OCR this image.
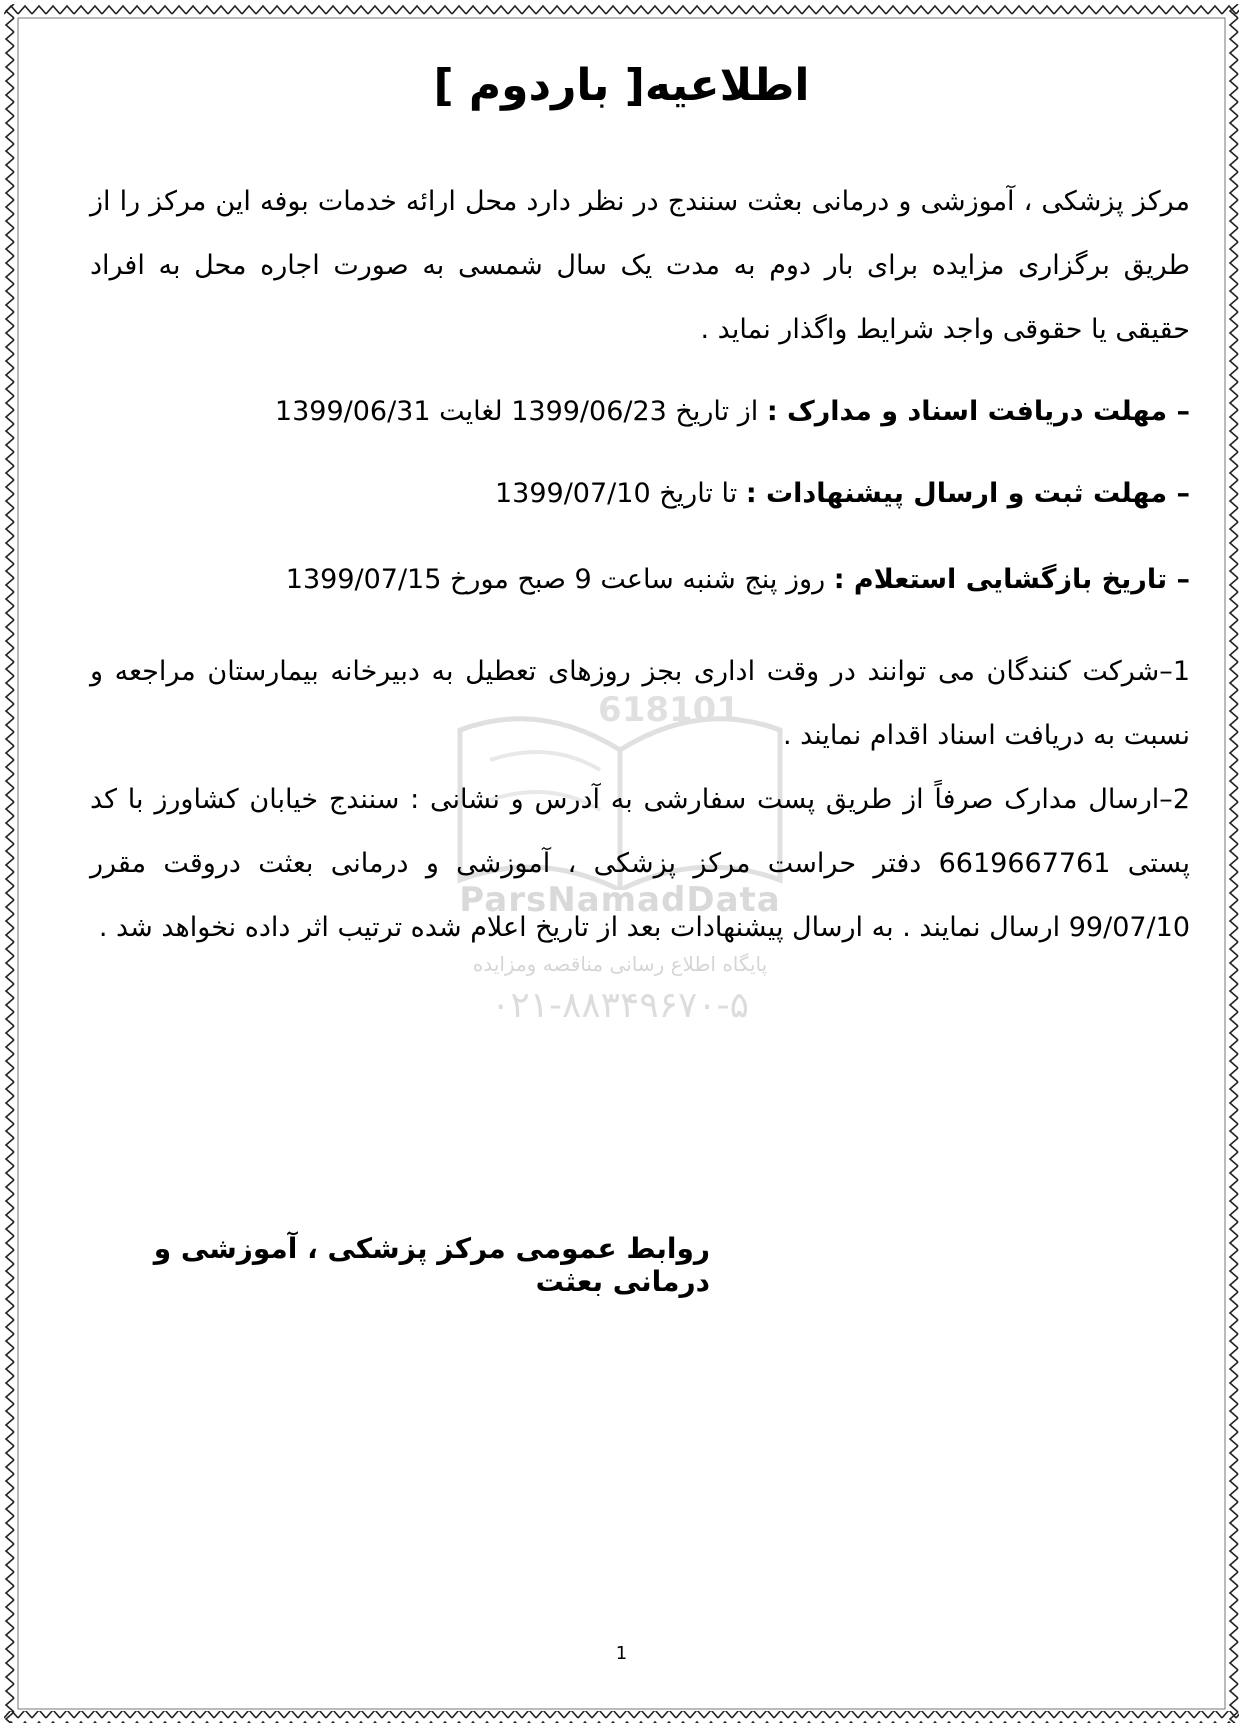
اطلاعیه[ باردوم ]
مرکز پزشکی ، آموزشی و درمانی بعثت سنندج در نظر دارد محل ارائه خدمات بوفه این مرکز را از طریق برگزاری مزایده برای بار دوم به مدت یک سال شمسی به صورت اجاره محل به افراد حقیقی یا حقوقی واجد شرایط واگذار نماید .
– مهلت دریافت اسناد و مدارک : از تاریخ 1399/06/23 لغایت 1399/06/31
– مهلت ثبت و ارسال پیشنهادات : تا تاریخ 1399/07/10
– تاریخ بازگشایی استعلام : روز پنج شنبه ساعت 9 صبح مورخ 1399/07/15
618101
ParsNamadData
پایگاه اطلاع رسانی مناقصه ومزایده
۰۲۱-۸۸۳۴۹۶۷۰-۵
1–شرکت کنندگان می توانند در وقت اداری بجز روزهای تعطیل به دبیرخانه بیمارستان مراجعه و نسبت به دریافت اسناد اقدام نمایند .
2–ارسال مدارک صرفاً از طریق پست سفارشی به آدرس و نشانی : سنندج خیابان کشاورز با کد پستی 6619667761 دفتر حراست مرکز پزشکی ، آموزشی و درمانی بعثت دروقت مقرر 99/07/10 ارسال نمایند . به ارسال پیشنهادات بعد از تاریخ اعلام شده ترتیب اثر داده نخواهد شد .
روابط عمومی مرکز پزشکی ، آموزشی و درمانی بعثت
1
